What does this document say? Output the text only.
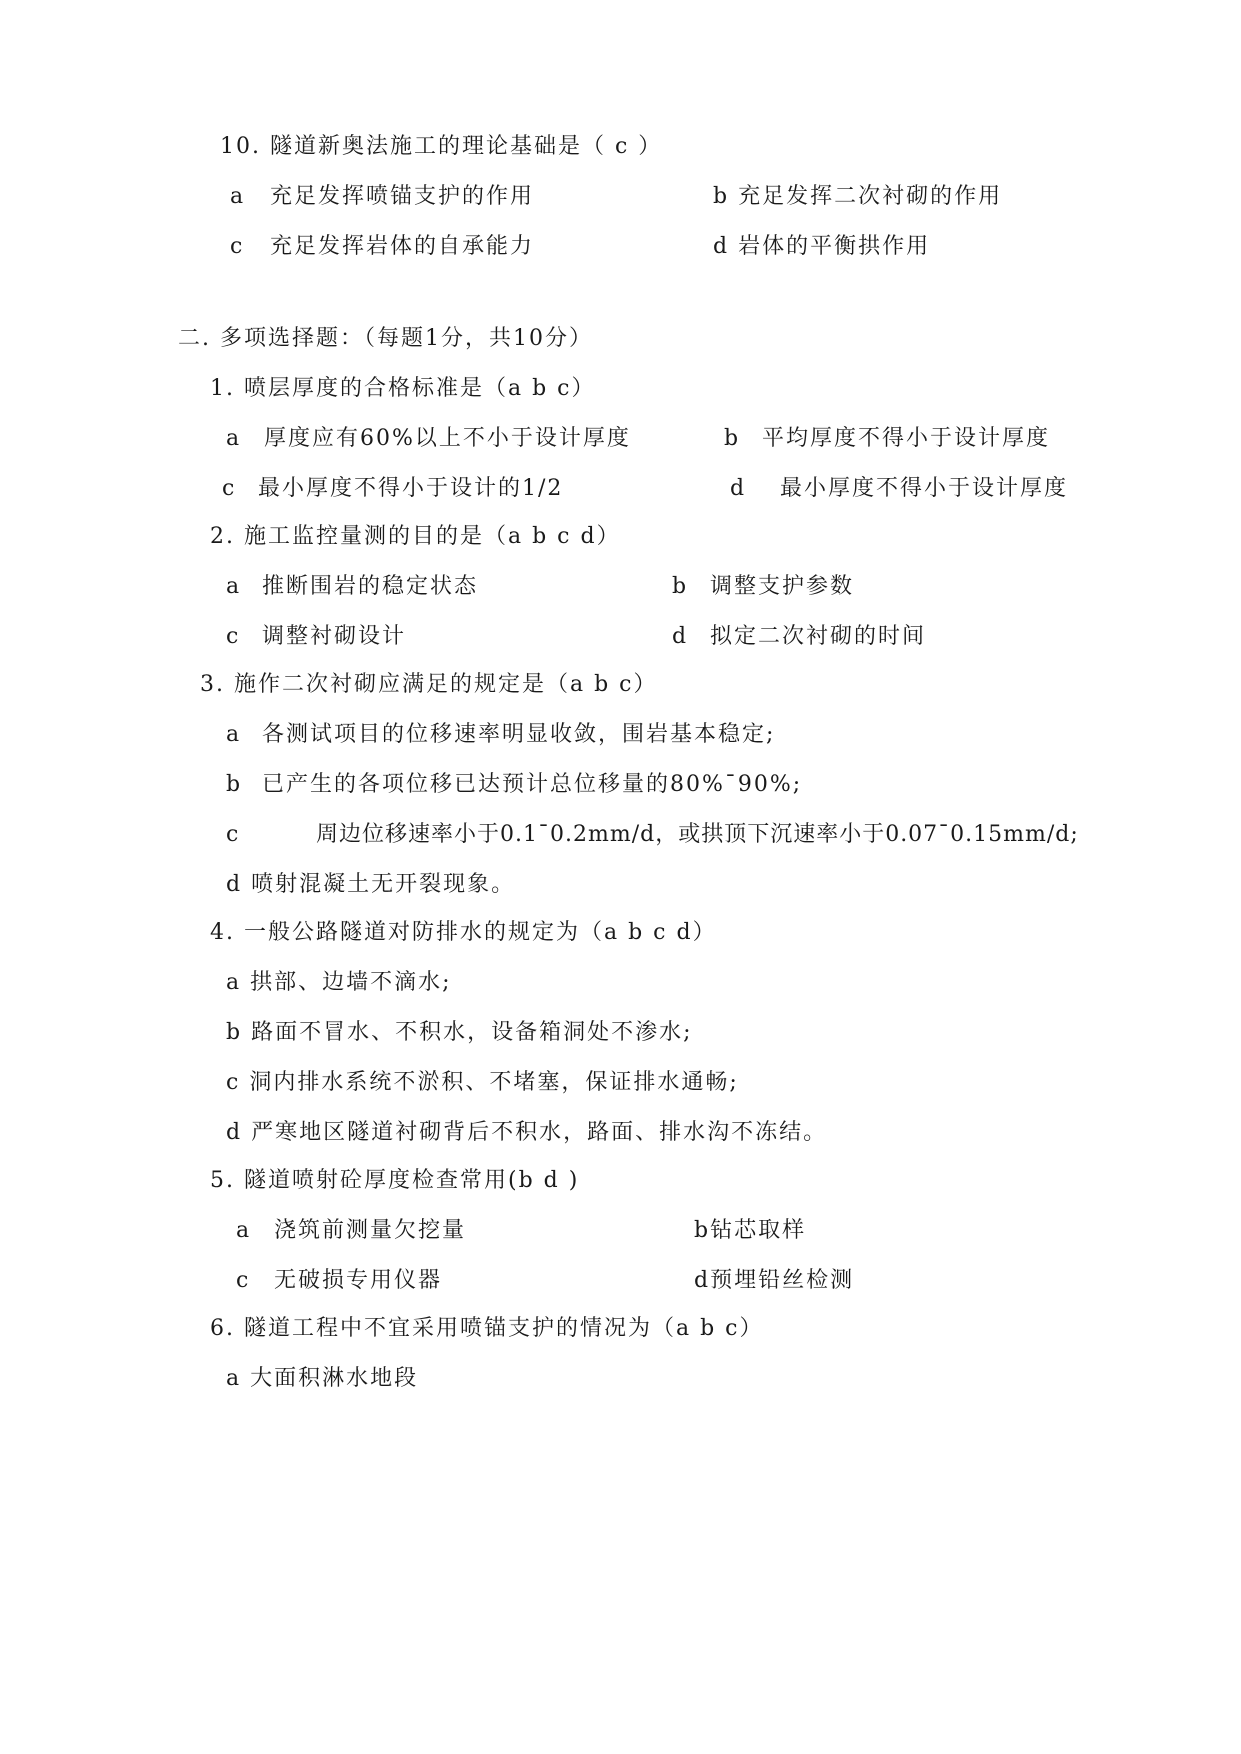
10. 隧道新奥法施工的理论基础是（ c ）
a 充足发挥喷锚支护的作用	b 充足发挥二次衬砌的作用
c 充足发挥岩体的自承能力	d 岩体的平衡拱作用
二. 多项选择题：（每题1分，共10分）
1. 喷层厚度的合格标准是（a b c）
a 厚度应有60%以上不小于设计厚度	b 平均厚度不得小于设计厚度
c 最小厚度不得小于设计的1/2	d 最小厚度不得小于设计厚度
2. 施工监控量测的目的是（a b c d）
a 推断围岩的稳定状态	b 调整支护参数
c 调整衬砌设计	d 拟定二次衬砌的时间
3. 施作二次衬砌应满足的规定是（a b c）
a 各测试项目的位移速率明显收敛，围岩基本稳定;
b 已产生的各项位移已达预计总位移量的80%¯90%;
c	周边位移速率小于0.1¯0.2mm/d，或拱顶下沉速率小于0.07¯0.15mm/d;
d 喷射混凝土无开裂现象。
4. 一般公路隧道对防排水的规定为（a b c d）
a 拱部、边墙不滴水;
b 路面不冒水、不积水，设备箱洞处不渗水;
c 洞内排水系统不淤积、不堵塞，保证排水通畅;
d 严寒地区隧道衬砌背后不积水，路面、排水沟不冻结。
5. 隧道喷射砼厚度检查常用(b d )
a 浇筑前测量欠挖量	b钻芯取样
c 无破损专用仪器	d预埋铅丝检测
6. 隧道工程中不宜采用喷锚支护的情况为（a b c）
a 大面积淋水地段
